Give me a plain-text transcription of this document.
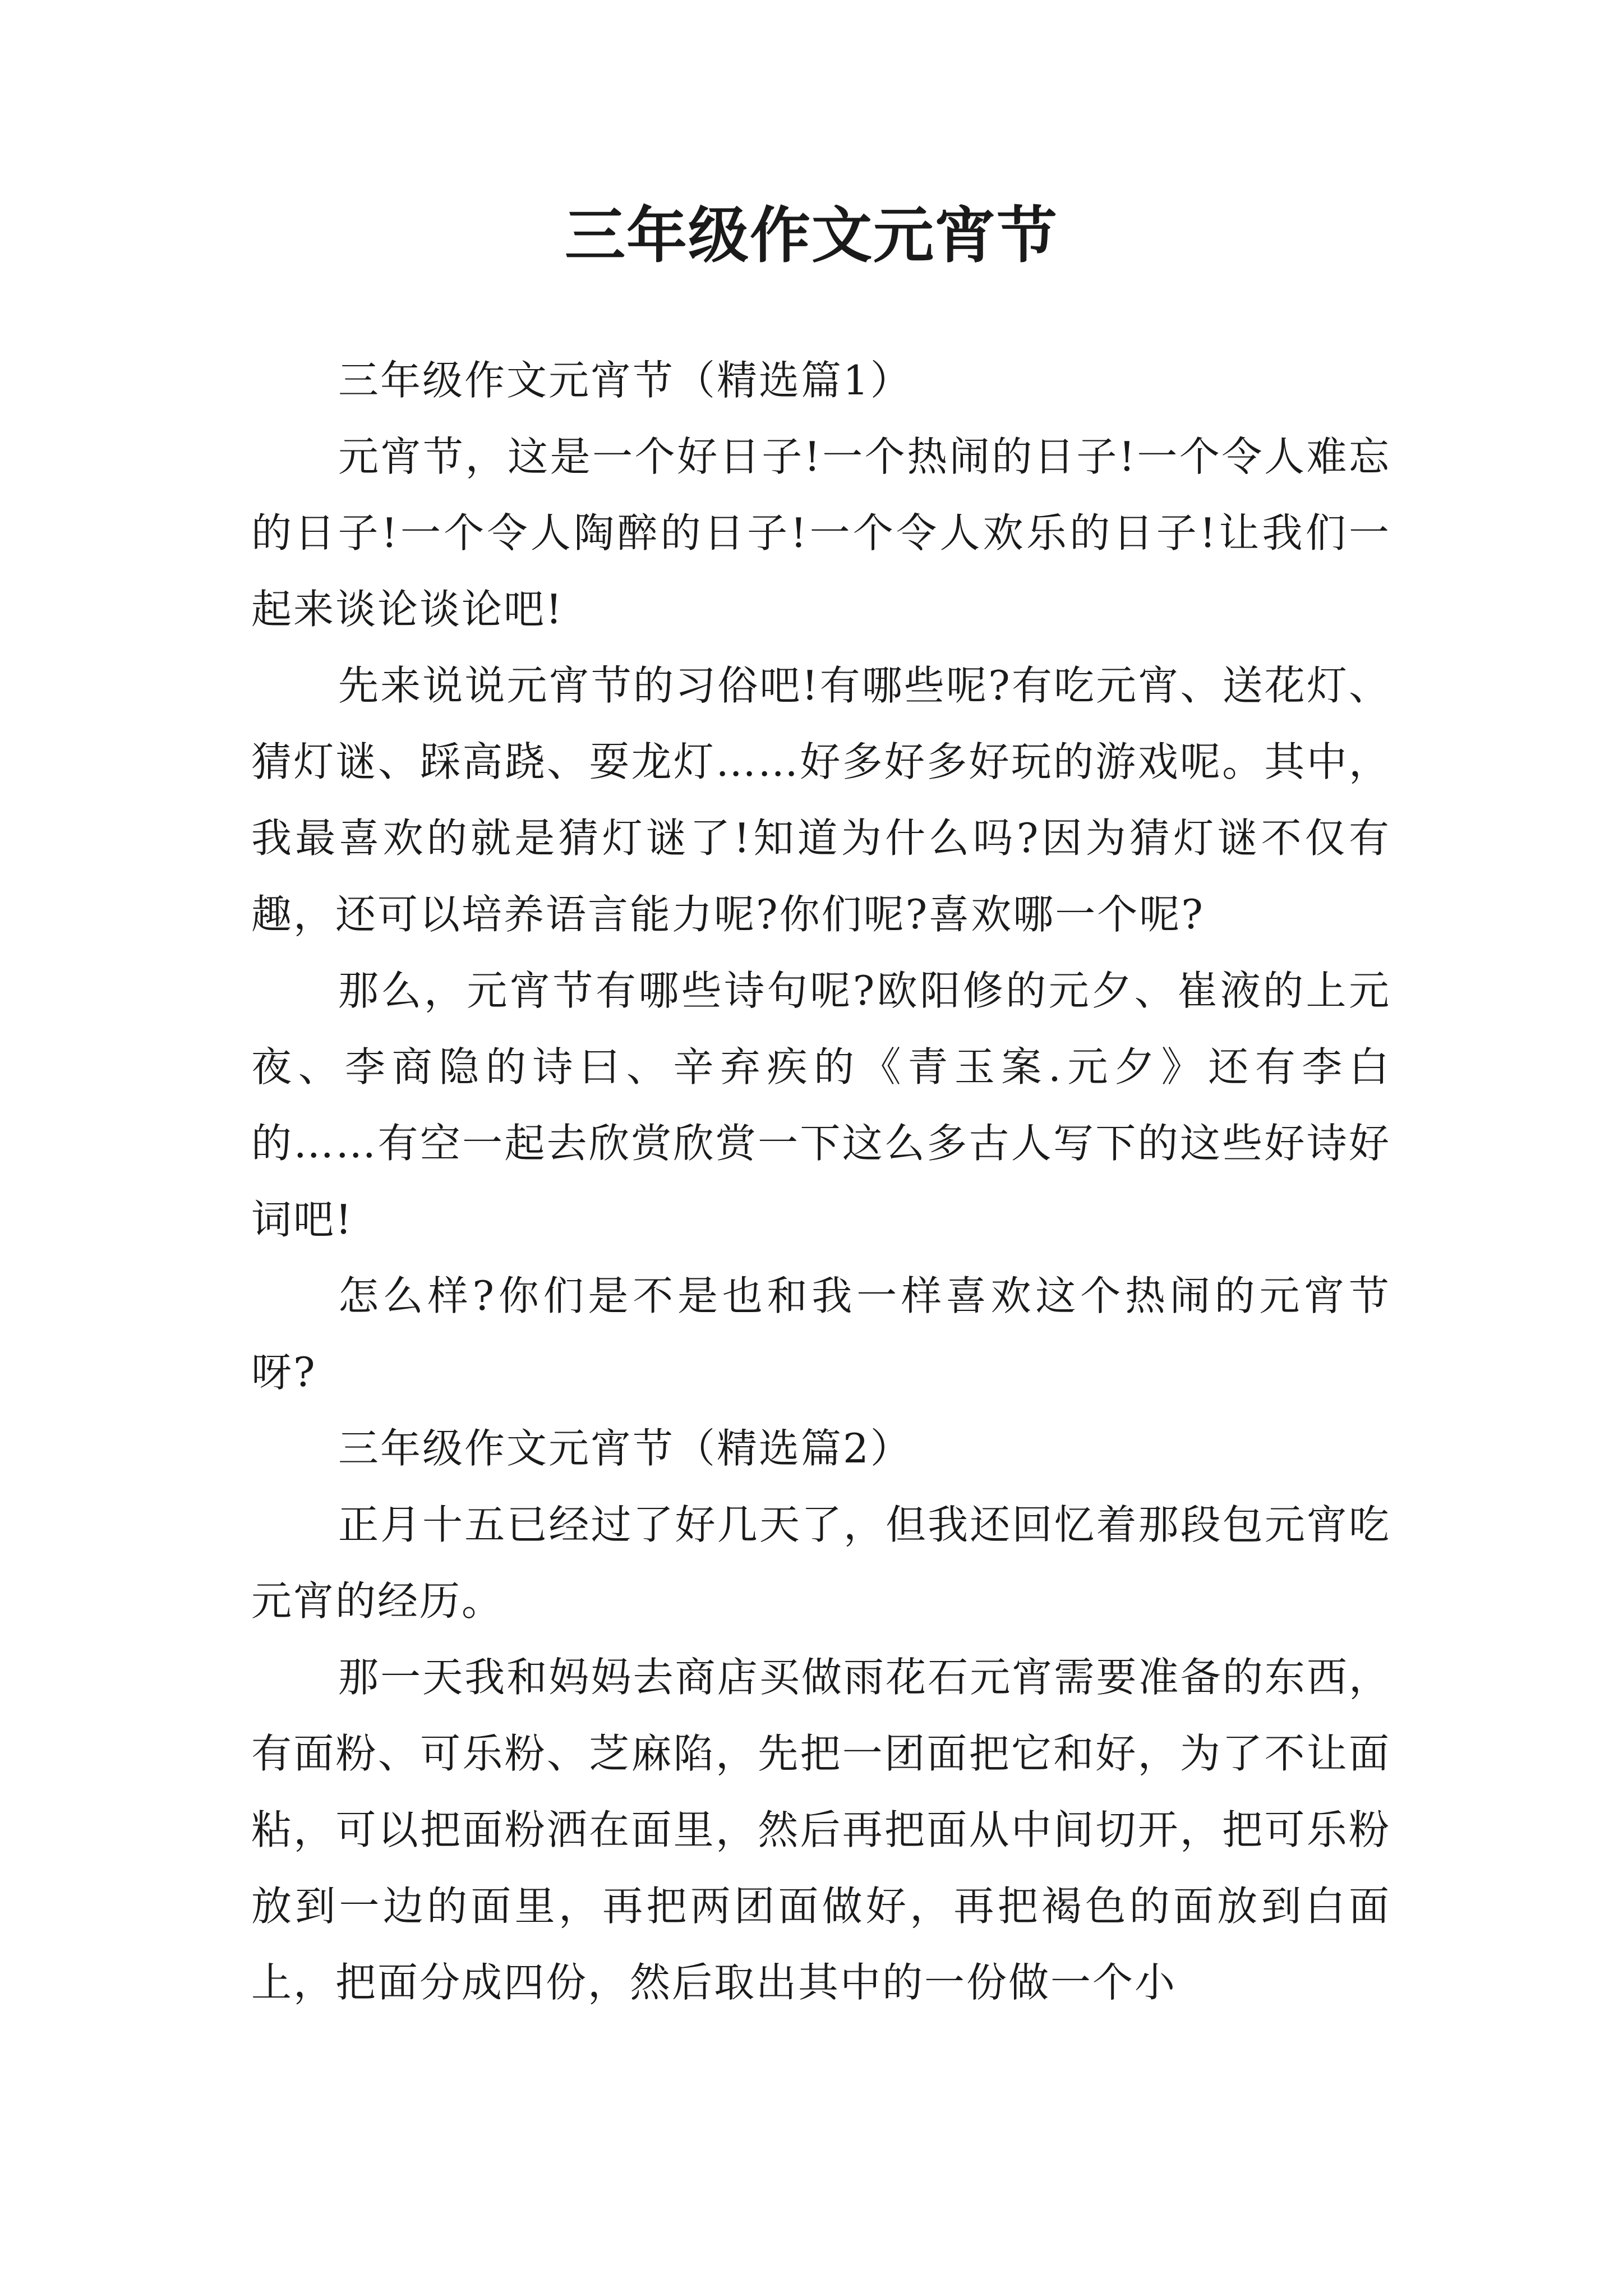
三年级作文元宵节

三年级作文元宵节（精选篇1）

元宵节，这是一个好日子!一个热闹的日子!一个令人难忘的日子!一个令人陶醉的日子!一个令人欢乐的日子!让我们一起来谈论谈论吧!

先来说说元宵节的习俗吧!有哪些呢?有吃元宵、送花灯、猜灯谜、踩高跷、耍龙灯……好多好多好玩的游戏呢。其中，我最喜欢的就是猜灯谜了!知道为什么吗?因为猜灯谜不仅有趣，还可以培养语言能力呢?你们呢?喜欢哪一个呢?

那么，元宵节有哪些诗句呢?欧阳修的元夕、崔液的上元夜、李商隐的诗曰、辛弃疾的《青玉案.元夕》还有李白的……有空一起去欣赏欣赏一下这么多古人写下的这些好诗好词吧!

怎么样?你们是不是也和我一样喜欢这个热闹的元宵节呀?

三年级作文元宵节（精选篇2）

正月十五已经过了好几天了，但我还回忆着那段包元宵吃元宵的经历。

那一天我和妈妈去商店买做雨花石元宵需要准备的东西，有面粉、可乐粉、芝麻陷，先把一团面把它和好，为了不让面粘，可以把面粉洒在面里，然后再把面从中间切开，把可乐粉放到一边的面里，再把两团面做好，再把褐色的面放到白面上，把面分成四份，然后取出其中的一份做一个小
